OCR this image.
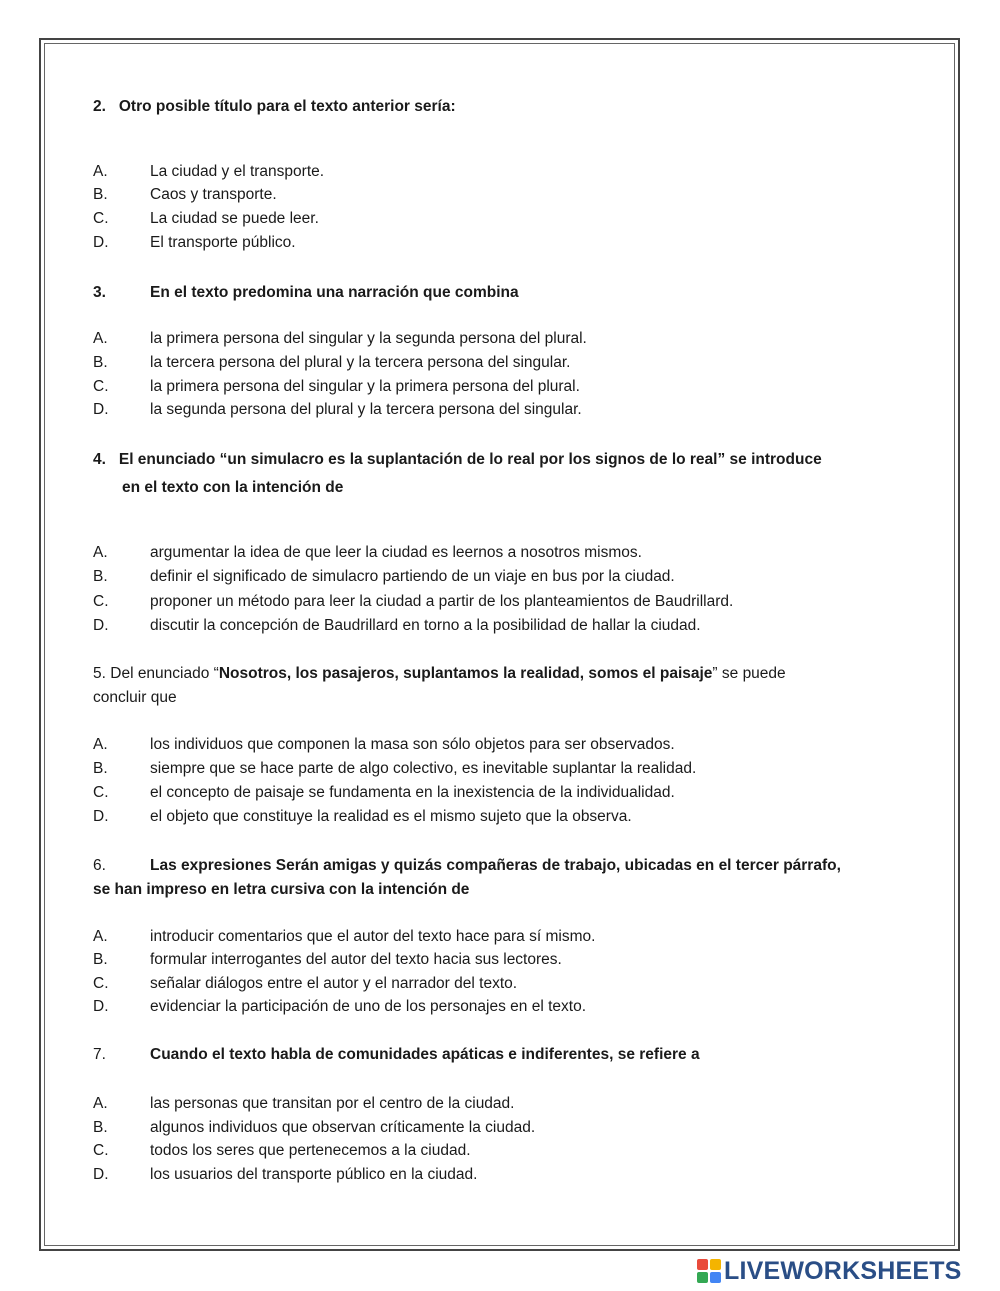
2. Otro posible título para el texto anterior sería:
A.	La ciudad y el transporte.
B.	Caos y transporte.
C.	La ciudad se puede leer.
D.	El transporte público.
3.	En el texto predomina una narración que combina
A.	la primera persona del singular y la segunda persona del plural.
B.	la tercera persona del plural y la tercera persona del singular.
C.	la primera persona del singular y la primera persona del plural.
D.	la segunda persona del plural y la tercera persona del singular.
4. El enunciado “un simulacro es la suplantación de lo real por los signos de lo real” se introduce
en el texto con la intención de
A.	argumentar la idea de que leer la ciudad es leernos a nosotros mismos.
B.	definir el significado de simulacro partiendo de un viaje en bus por la ciudad.
C.	proponer un método para leer la ciudad a partir de los planteamientos de Baudrillard.
D.	discutir la concepción de Baudrillard en torno a la posibilidad de hallar la ciudad.
5. Del enunciado “Nosotros, los pasajeros, suplantamos la realidad, somos el paisaje” se puede
concluir que
A.	los individuos que componen la masa son sólo objetos para ser observados.
B.	siempre que se hace parte de algo colectivo, es inevitable suplantar la realidad.
C.	el concepto de paisaje se fundamenta en la inexistencia de la individualidad.
D.	el objeto que constituye la realidad es el mismo sujeto que la observa.
6.	Las expresiones Serán amigas y quizás compañeras de trabajo, ubicadas en el tercer párrafo,
se han impreso en letra cursiva con la intención de
A.	introducir comentarios que el autor del texto hace para sí mismo.
B.	formular interrogantes del autor del texto hacia sus lectores.
C.	señalar diálogos entre el autor y el narrador del texto.
D.	evidenciar la participación de uno de los personajes en el texto.
7.	Cuando el texto habla de comunidades apáticas e indiferentes, se refiere a
A.	las personas que transitan por el centro de la ciudad.
B.	algunos individuos que observan críticamente la ciudad.
C.	todos los seres que pertenecemos a la ciudad.
D.	los usuarios del transporte público en la ciudad.
LIVEWORKSHEETS
